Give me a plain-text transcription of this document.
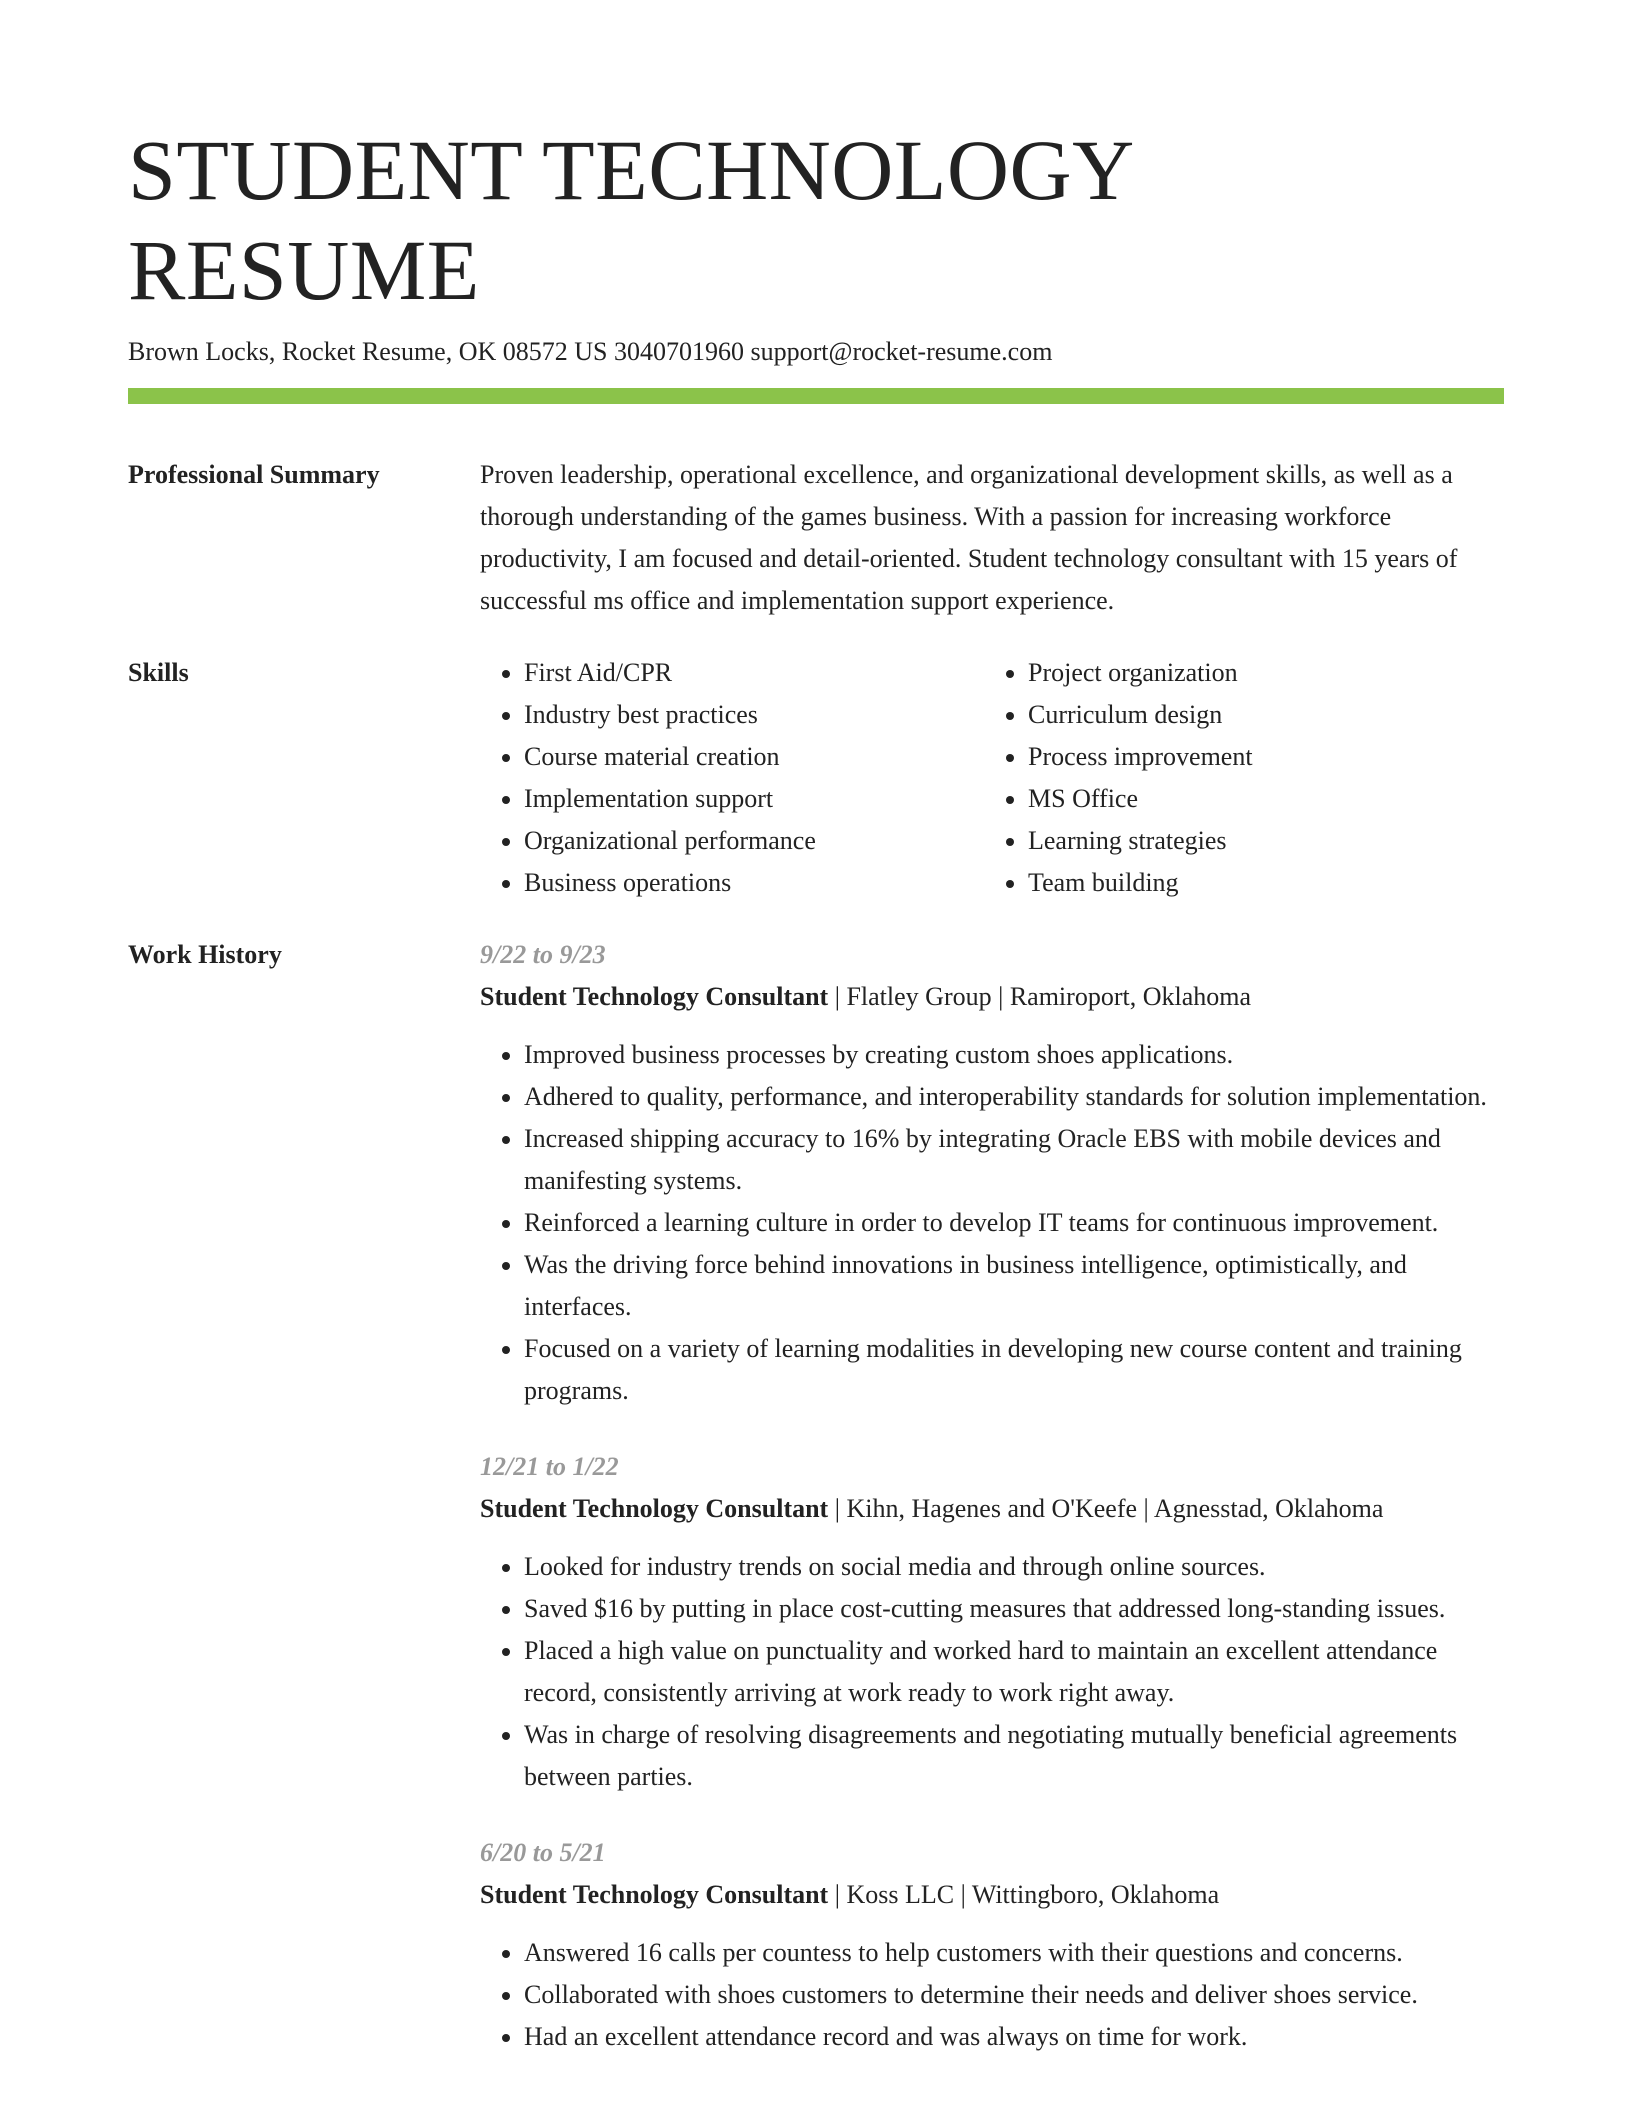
STUDENT TECHNOLOGY RESUME
Brown Locks, Rocket Resume, OK 08572 US 3040701960 support@rocket-resume.com
Professional Summary	Proven leadership, operational excellence, and organizational development skills, as well as a thorough understanding of the games business. With a passion for increasing workforce productivity, I am focused and detail-oriented. Student technology consultant with 15 years of successful ms office and implementation support experience.

Skills
•	First Aid/CPR
• Industry best practices
• Course material creation
• Implementation support
• Organizational performance
• Business operations
• Project organization
• Curriculum design
• Process improvement
• MS Office
• Learning strategies
• Team building
Work History	9/22 to 9/23
Student Technology Consultant | Flatley Group | Ramiroport, Oklahoma
• Improved business processes by creating custom shoes applications.
• Adhered to quality, performance, and interoperability standards for solution implementation.
• Increased shipping accuracy to 16% by integrating Oracle EBS with mobile devices and manifesting systems.
• Reinforced a learning culture in order to develop IT teams for continuous improvement.
• Was the driving force behind innovations in business intelligence, optimistically, and interfaces.
• Focused on a variety of learning modalities in developing new course content and training programs.
12/21 to 1/22
Student Technology Consultant | Kihn, Hagenes and O'Keefe | Agnesstad, Oklahoma
• Looked for industry trends on social media and through online sources.
• Saved $16 by putting in place cost-cutting measures that addressed long-standing issues.
• Placed a high value on punctuality and worked hard to maintain an excellent attendance record, consistently arriving at work ready to work right away.
• Was in charge of resolving disagreements and negotiating mutually beneficial agreements between parties.
6/20 to 5/21
Student Technology Consultant | Koss LLC | Wittingboro, Oklahoma
• Answered 16 calls per countess to help customers with their questions and concerns.
• Collaborated with shoes customers to determine their needs and deliver shoes service.
• Had an excellent attendance record and was always on time for work.
